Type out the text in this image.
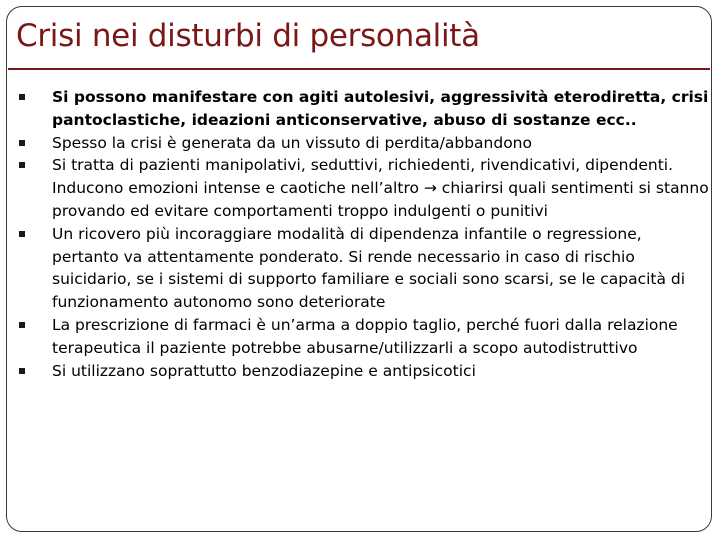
Crisi nei disturbi di personalità
Si possono manifestare con agiti autolesivi, aggressività eterodiretta, crisi pantoclastiche, ideazioni anticonservative, abuso di sostanze ecc..
Spesso la crisi è generata da un vissuto di perdita/abbandono
Si tratta di pazienti manipolativi, seduttivi, richiedenti, rivendicativi, dipendenti. Inducono emozioni intense e caotiche nell’altro → chiarirsi quali sentimenti si stanno provando ed evitare comportamenti troppo indulgenti o punitivi
Un ricovero più incoraggiare modalità di dipendenza infantile o regressione, pertanto va attentamente ponderato. Si rende necessario in caso di rischio suicidario, se i sistemi di supporto familiare e sociali sono scarsi, se le capacità di funzionamento autonomo sono deteriorate
La prescrizione di farmaci è un’arma a doppio taglio, perché fuori dalla relazione terapeutica il paziente potrebbe abusarne/utilizzarli a scopo autodistruttivo
Si utilizzano soprattutto benzodiazepine e antipsicotici
